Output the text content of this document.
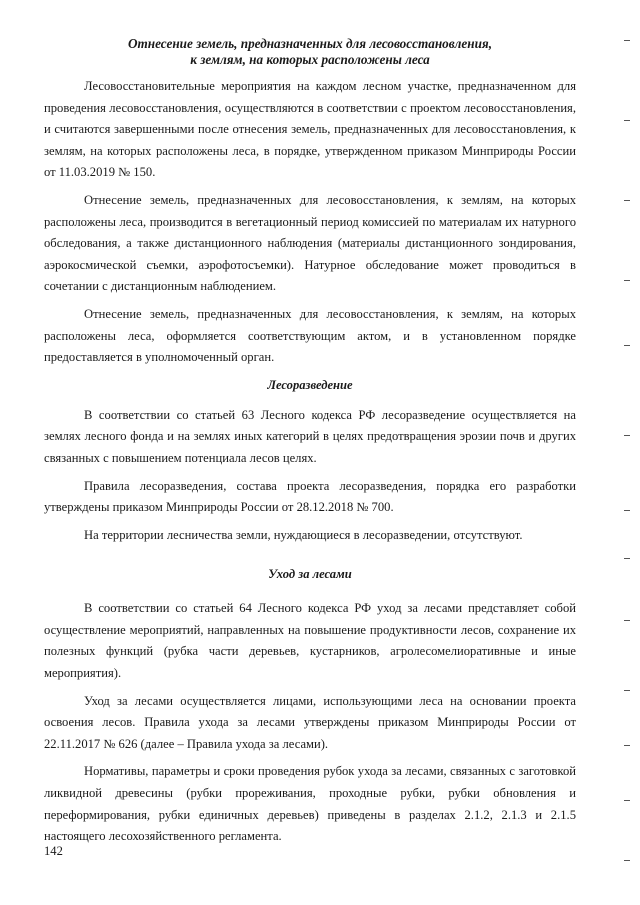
Отнесение земель, предназначенных для лесовосстановления,
к землям, на которых расположены леса

Лесовосстановительные мероприятия на каждом лесном участке, предназначенном для проведения лесовосстановления, осуществляются в соответствии с проектом лесовосстановления, и считаются завершенными после отнесения земель, предназначенных для лесовосстановления, к землям, на которых расположены леса, в порядке, утвержденном приказом Минприроды России от 11.03.2019 № 150.

Отнесение земель, предназначенных для лесовосстановления, к землям, на которых расположены леса, производится в вегетационный период комиссией по материалам их натурного обследования, а также дистанционного наблюдения (материалы дистанционного зондирования, аэрокосмической съемки, аэрофотосъемки). Натурное обследование может проводиться в сочетании с дистанционным наблюдением.

Отнесение земель, предназначенных для лесовосстановления, к землям, на которых расположены леса, оформляется соответствующим актом, и в установленном порядке предоставляется в уполномоченный орган.

Лесоразведение

В соответствии со статьей 63 Лесного кодекса РФ лесоразведение осуществляется на землях лесного фонда и на землях иных категорий в целях предотвращения эрозии почв и других связанных с повышением потенциала лесов целях.

Правила лесоразведения, состава проекта лесоразведения, порядка его разработки утверждены приказом Минприроды России от 28.12.2018 № 700.

На территории лесничества земли, нуждающиеся в лесоразведении, отсутствуют.

Уход за лесами

В соответствии со статьей 64 Лесного кодекса РФ уход за лесами представляет собой осуществление мероприятий, направленных на повышение продуктивности лесов, сохранение их полезных функций (рубка части деревьев, кустарников, агролесомелиоративные и иные мероприятия).

Уход за лесами осуществляется лицами, использующими леса на основании проекта освоения лесов. Правила ухода за лесами утверждены приказом Минприроды России от 22.11.2017 № 626 (далее – Правила ухода за лесами).

Нормативы, параметры и сроки проведения рубок ухода за лесами, связанных с заготовкой ликвидной древесины (рубки прореживания, проходные рубки, рубки обновления и переформирования, рубки единичных деревьев) приведены в разделах 2.1.2, 2.1.3 и 2.1.5 настоящего лесохозяйственного регламента.

142
